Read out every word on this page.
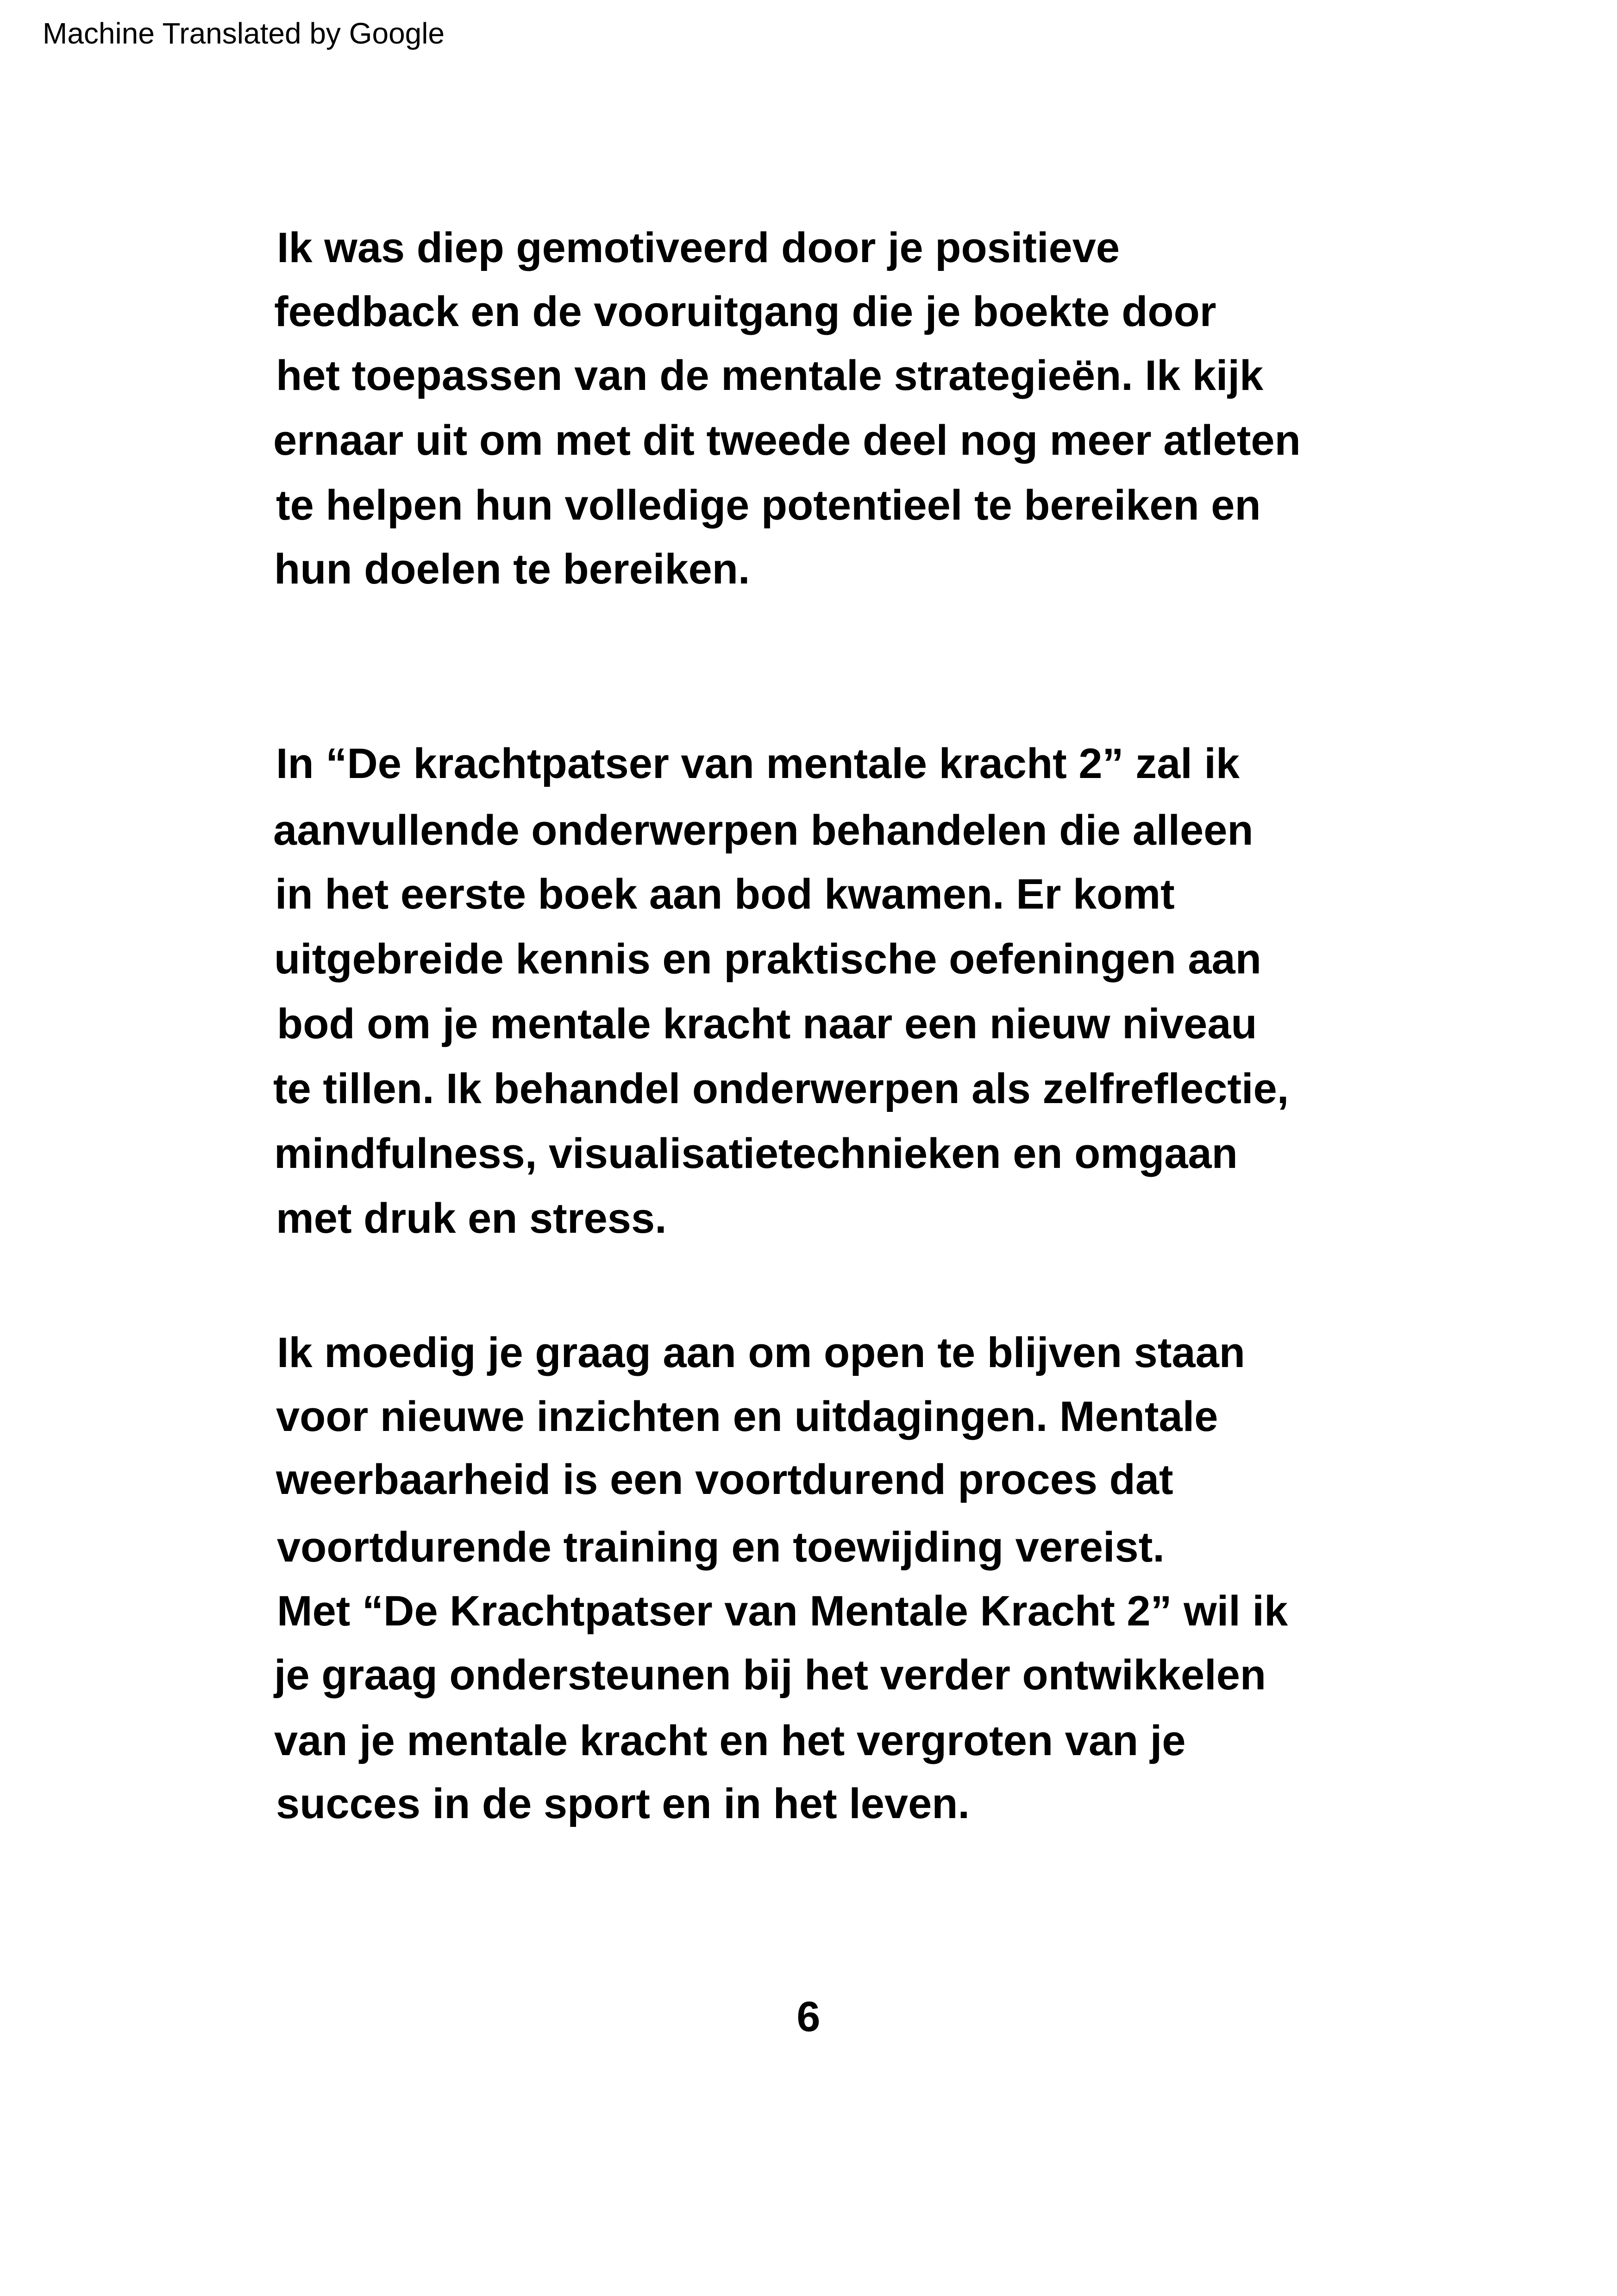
Machine Translated by Google
Ik was diep gemotiveerd door je positieve
feedback en de vooruitgang die je boekte door
het toepassen van de mentale strategieën. Ik kijk
ernaar uit om met dit tweede deel nog meer atleten
te helpen hun volledige potentieel te bereiken en
hun doelen te bereiken.
In “De krachtpatser van mentale kracht 2” zal ik
aanvullende onderwerpen behandelen die alleen
in het eerste boek aan bod kwamen. Er komt
uitgebreide kennis en praktische oefeningen aan
bod om je mentale kracht naar een nieuw niveau
te tillen. Ik behandel onderwerpen als zelfreflectie,
mindfulness, visualisatietechnieken en omgaan
met druk en stress.
Ik moedig je graag aan om open te blijven staan
voor nieuwe inzichten en uitdagingen. Mentale
weerbaarheid is een voortdurend proces dat
voortdurende training en toewijding vereist.
Met “De Krachtpatser van Mentale Kracht 2” wil ik
je graag ondersteunen bij het verder ontwikkelen
van je mentale kracht en het vergroten van je
succes in de sport en in het leven.
6
